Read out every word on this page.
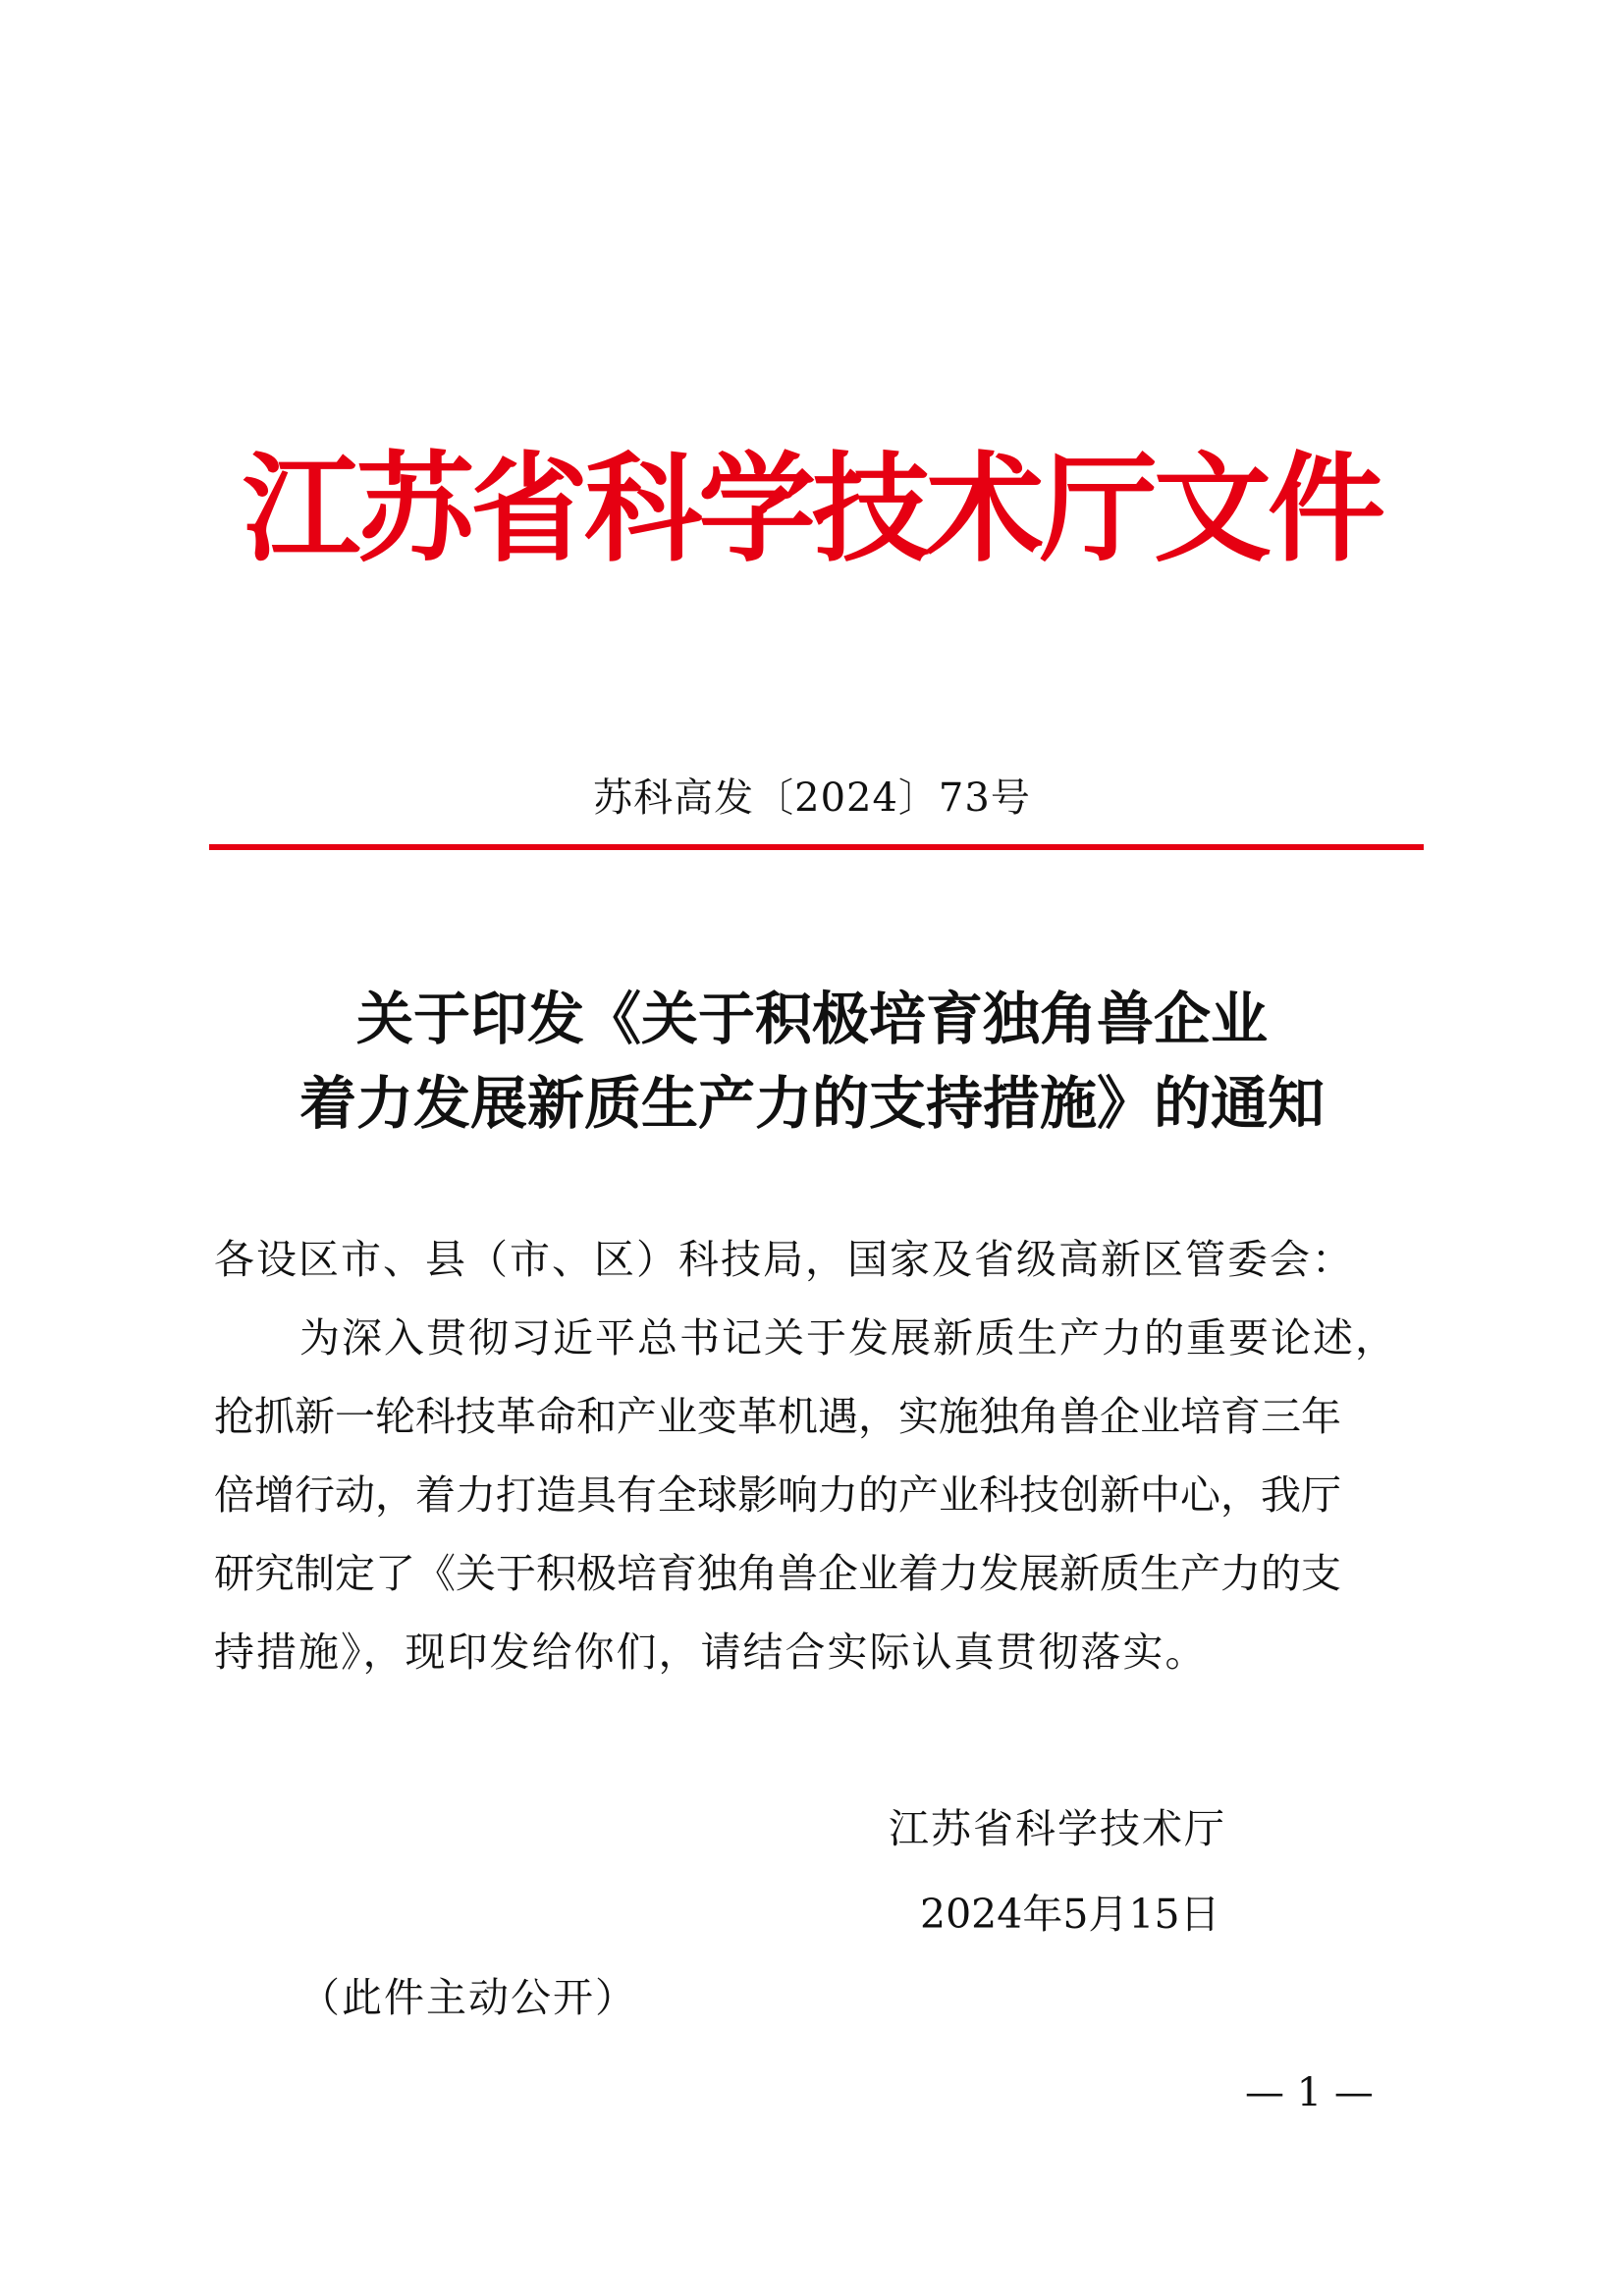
江苏省科学技术厅文件
苏科高发〔2024〕73号
关于印发《关于积极培育独角兽企业
着力发展新质生产力的支持措施》的通知
各设区市、县（市、区）科技局，国家及省级高新区管委会：
为深入贯彻习近平总书记关于发展新质生产力的重要论述，
抢抓新一轮科技革命和产业变革机遇，实施独角兽企业培育三年
倍增行动，着力打造具有全球影响力的产业科技创新中心，我厅
研究制定了《关于积极培育独角兽企业着力发展新质生产力的支
持措施》，现印发给你们，请结合实际认真贯彻落实。
江苏省科学技术厅
2024年5月15日
（此件主动公开）
— 1 —
